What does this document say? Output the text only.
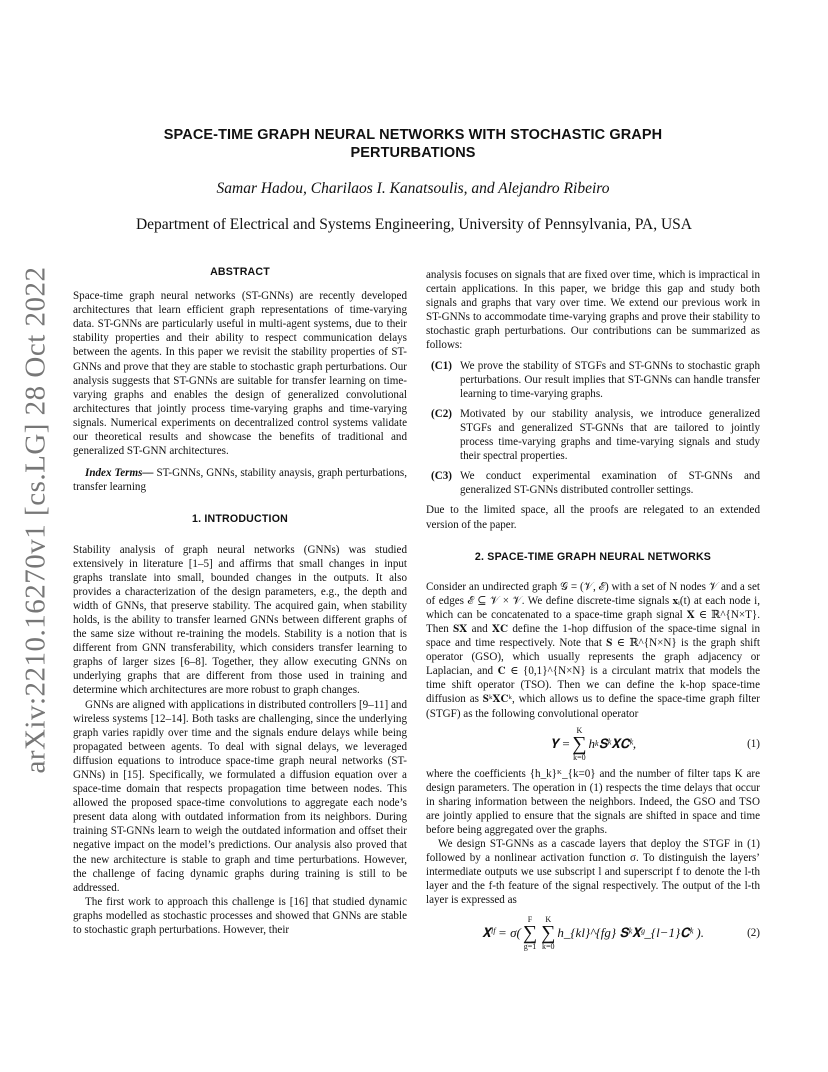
arXiv:2210.16270v1 [cs.LG] 28 Oct 2022
SPACE-TIME GRAPH NEURAL NETWORKS WITH STOCHASTIC GRAPH PERTURBATIONS
Samar Hadou, Charilaos I. Kanatsoulis, and Alejandro Ribeiro
Department of Electrical and Systems Engineering, University of Pennsylvania, PA, USA
ABSTRACT

Space-time graph neural networks (ST-GNNs) are recently developed architectures that learn efficient graph representations of time-varying data. ST-GNNs are particularly useful in multi-agent systems, due to their stability properties and their ability to respect communication delays between the agents. In this paper we revisit the stability properties of ST-GNNs and prove that they are stable to stochastic graph perturbations. Our analysis suggests that ST-GNNs are suitable for transfer learning on time-varying graphs and enables the design of generalized convolutional architectures that jointly process time-varying graphs and time-varying signals. Numerical experiments on decentralized control systems validate our theoretical results and showcase the benefits of traditional and generalized ST-GNN architectures.

Index Terms— ST-GNNs, GNNs, stability anaysis, graph perturbations, transfer learning

1. INTRODUCTION

Stability analysis of graph neural networks (GNNs) was studied extensively in literature [1–5] and affirms that small changes in input graphs translate into small, bounded changes in the outputs. It also provides a characterization of the design parameters, e.g., the depth and width of GNNs, that preserve stability. The acquired gain, when stability holds, is the ability to transfer learned GNNs between different graphs of the same size without re-training the models. Stability is a notion that is different from GNN transferability, which considers transfer learning to graphs of larger sizes [6–8]. Together, they allow executing GNNs on underlying graphs that are different from those used in training and determine which architectures are more robust to graph changes.

GNNs are aligned with applications in distributed controllers [9–11] and wireless systems [12–14]. Both tasks are challenging, since the underlying graph varies rapidly over time and the signals endure delays while being propagated between agents. To deal with signal delays, we leveraged diffusion equations to introduce space-time graph neural networks (ST-GNNs) in [15]. Specifically, we formulated a diffusion equation over a space-time domain that respects propagation time between nodes. This allowed the proposed space-time convolutions to aggregate each node’s present data along with outdated information from its neighbors. During training ST-GNNs learn to weigh the outdated information and offset their negative impact on the model’s predictions. Our analysis also proved that the new architecture is stable to graph and time perturbations. However, the challenge of facing dynamic graphs during training is still to be addressed.

The first work to approach this challenge is [16] that studied dynamic graphs modelled as stochastic processes and showed that GNNs are stable to stochastic graph perturbations. However, their

analysis focuses on signals that are fixed over time, which is impractical in certain applications. In this paper, we bridge this gap and study both signals and graphs that vary over time. We extend our previous work in ST-GNNs to accommodate time-varying graphs and prove their stability to stochastic graph perturbations. Our contributions can be summarized as follows:

(C1) We prove the stability of STGFs and ST-GNNs to stochastic graph perturbations. Our result implies that ST-GNNs can handle transfer learning to time-varying graphs.
(C2) Motivated by our stability analysis, we introduce generalized STGFs and generalized ST-GNNs that are tailored to jointly process time-varying graphs and time-varying signals and study their spectral properties.
(C3) We conduct experimental examination of ST-GNNs and generalized ST-GNNs distributed controller settings.

Due to the limited space, all the proofs are relegated to an extended version of the paper.

2. SPACE-TIME GRAPH NEURAL NETWORKS

Consider an undirected graph 𝒢 = (𝒱, ℰ) with a set of N nodes 𝒱 and a set of edges ℰ ⊆ 𝒱 × 𝒱. We define discrete-time signals 𝐱ᵢ(t) at each node i, which can be concatenated to a space-time graph signal 𝐗 ∈ ℝ^{N×T}. Then 𝐒𝐗 and 𝐗𝐂 define the 1-hop diffusion of the space-time signal in space and time respectively. Note that 𝐒 ∈ ℝ^{N×N} is the graph shift operator (GSO), which usually represents the graph adjacency or Laplacian, and 𝐂 ∈ {0,1}^{N×N} is a circulant matrix that models the time shift operator (TSO). Then we can define the k-hop space-time diffusion as 𝐒ᵏ𝐗𝐂ᵏ, which allows us to define the space-time graph filter (STGF) as the following convolutional operator

𝐘 =
K
∑
k=0
h k 𝐒ᵏ𝐗𝐂ᵏ,	(1)

where the coefficients {h_k}ᴷ_{k=0} and the number of filter taps K are design parameters. The operation in (1) respects the time delays that occur in sharing information between the neighbors. Indeed, the GSO and TSO are jointly applied to ensure that the signals are shifted in space and time before being aggregated over the graphs.

We design ST-GNNs as a cascade layers that deploy the STGF in (1) followed by a nonlinear activation function σ. To distinguish the layers’ intermediate outputs we use subscript l and superscript f to denote the l-th layer and the f-th feature of the signal respectively. The output of the l-th layer is expressed as

𝐗ˡᶠ = σ(
F
∑
g=1
K
∑
k=0
h_{kl}^{fg} 𝐒ᵏ𝐗ᵍ_{l−1}𝐂ᵏ ).	(2)
